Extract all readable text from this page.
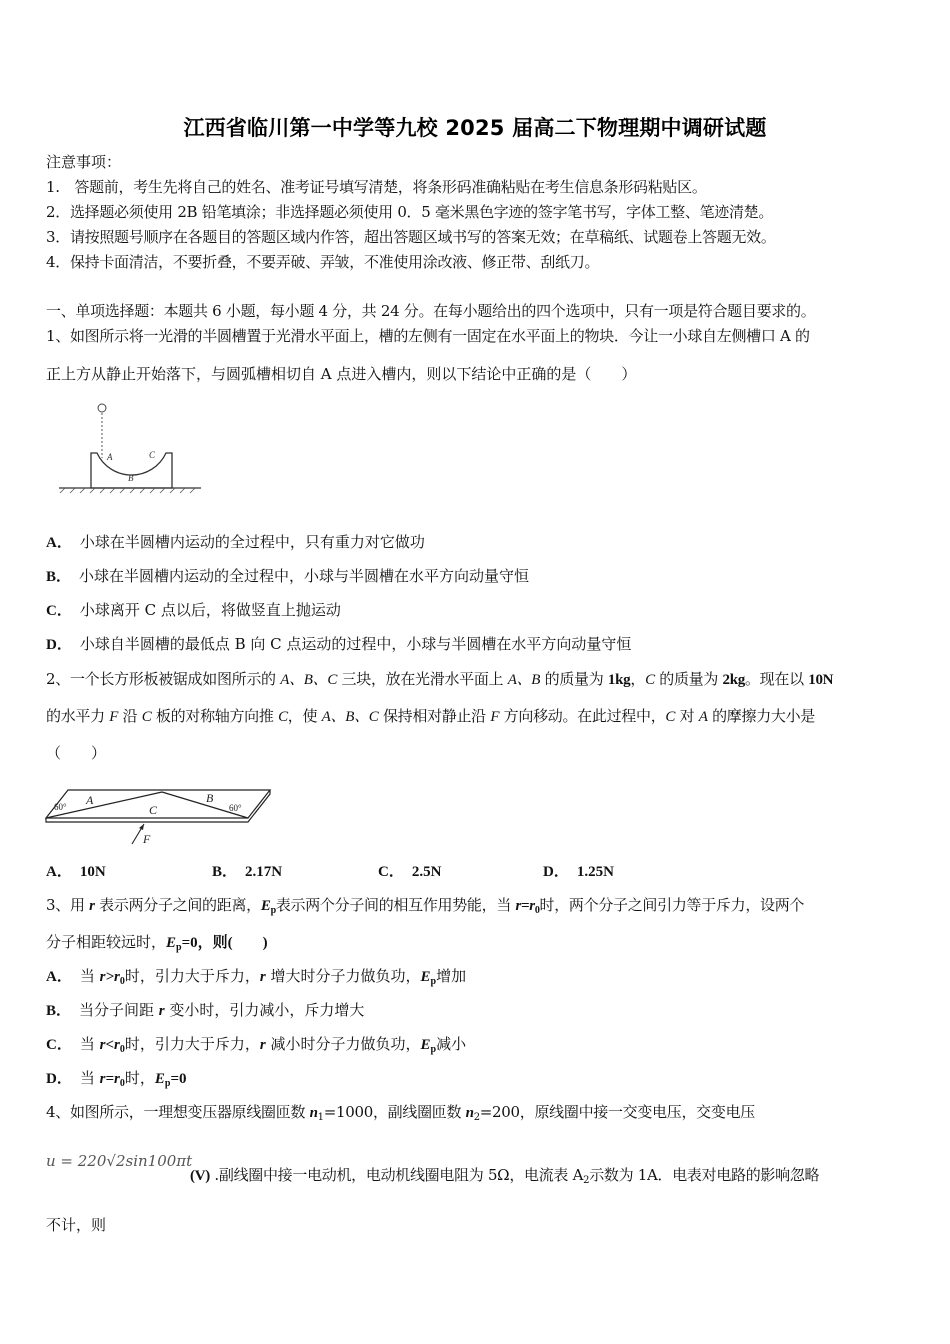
江西省临川第一中学等九校 2025 届高二下物理期中调研试题
注意事项：
1.　答题前，考生先将自己的姓名、准考证号填写清楚，将条形码准确粘贴在考生信息条形码粘贴区。
2．选择题必须使用 2B 铅笔填涂；非选择题必须使用 0．5 毫米黑色字迹的签字笔书写，字体工整、笔迹清楚。
3．请按照题号顺序在各题目的答题区域内作答，超出答题区域书写的答案无效；在草稿纸、试题卷上答题无效。
4．保持卡面清洁，不要折叠，不要弄破、弄皱，不准使用涂改液、修正带、刮纸刀。
一、单项选择题：本题共 6 小题，每小题 4 分，共 24 分。在每小题给出的四个选项中，只有一项是符合题目要求的。
1、如图所示将一光滑的半圆槽置于光滑水平面上，槽的左侧有一固定在水平面上的物块．今让一小球自左侧槽口 A 的
正上方从静止开始落下，与圆弧槽相切自 A 点进入槽内，则以下结论中正确的是（　　）
A
B
C
A． 小球在半圆槽内运动的全过程中，只有重力对它做功
B． 小球在半圆槽内运动的全过程中，小球与半圆槽在水平方向动量守恒
C． 小球离开 C 点以后，将做竖直上抛运动
D． 小球自半圆槽的最低点 B 向 C 点运动的过程中，小球与半圆槽在水平方向动量守恒
2、一个长方形板被锯成如图所示的 A、B、C 三块，放在光滑水平面上 A、B 的质量为 1kg，C 的质量为 2kg。现在以 10N
的水平力 F 沿 C 板的对称轴方向推 C，使 A、B、C 保持相对静止沿 F 方向移动。在此过程中，C 对 A 的摩擦力大小是
（　　）
60° A
C
B
60°
F
A． 10N	B． 2.17N	C． 2.5N	D． 1.25N
3、用 r 表示两分子之间的距离，$E_p$表示两个分子间的相互作用势能，当 $r=r_0$时，两个分子之间引力等于斥力，设两个
分子相距较远时，$E_p=0$，则(　　)
A． 当 $r>r_0$时，引力大于斥力，r 增大时分子力做负功，$E_p$增加
B． 当分子间距 r 变小时，引力减小，斥力增大
C． 当 $r<r_0$时，引力大于斥力，r 减小时分子力做负功，$E_p$减小
D． 当 $r=r_0$时，$E_p=0$
4、如图所示，一理想变压器原线圈匝数 $n_1=1000$，副线圈匝数 $n_2=200$，原线圈中接一交变电压，交变电压
u = 220√2sin100πt
(V) .副线圈中接一电动机，电动机线圈电阻为 5Ω，电流表 $A_2$示数为 1A．电表对电路的影响忽略
不计，则
